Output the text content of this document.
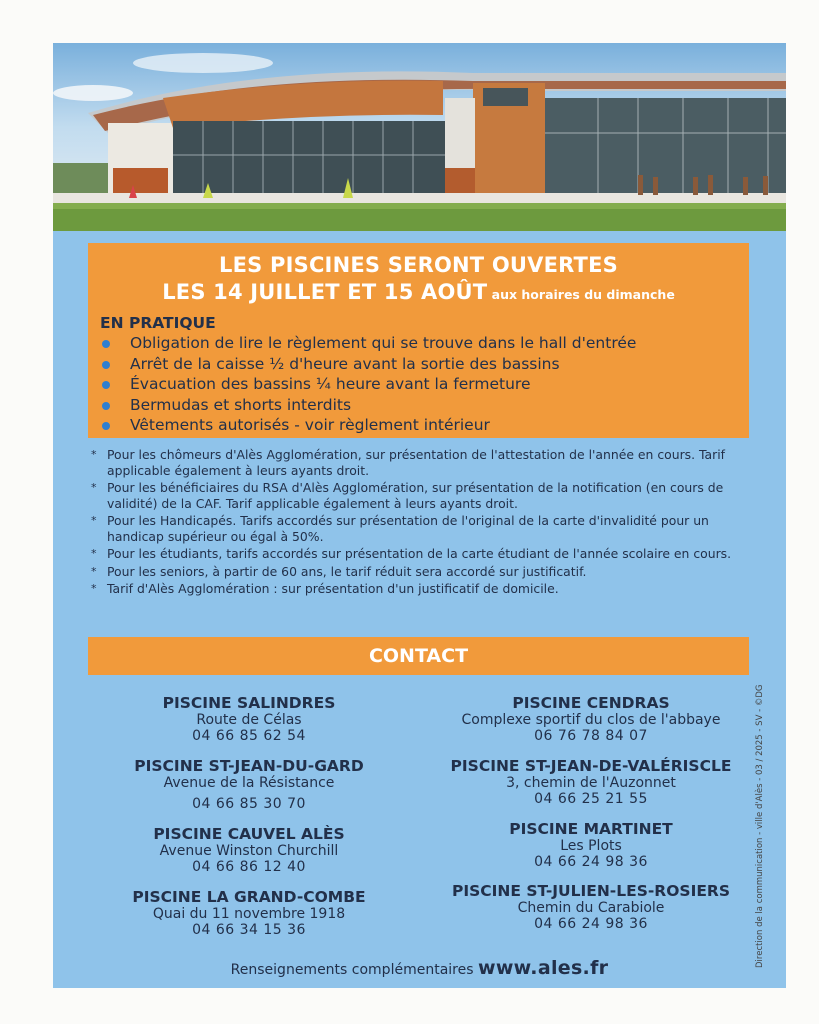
LES PISCINES SERONT OUVERTES
LES 14 JUILLET ET 15 AOÛT aux horaires du dimanche
EN PRATIQUE
Obligation de lire le règlement qui se trouve dans le hall d'entrée
Arrêt de la caisse ½ d'heure avant la sortie des bassins
Évacuation des bassins ¼ heure avant la fermeture
Bermudas et shorts interdits
Vêtements autorisés - voir règlement intérieur
* Pour les chômeurs d'Alès Agglomération, sur présentation de l'attestation de l'année en cours. Tarif applicable également à leurs ayants droit.
* Pour les bénéficiaires du RSA d'Alès Agglomération, sur présentation de la notification (en cours de validité) de la CAF. Tarif applicable également à leurs ayants droit.
* Pour les Handicapés. Tarifs accordés sur présentation de l'original de la carte d'invalidité pour un handicap supérieur ou égal à 50%.
* Pour les étudiants, tarifs accordés sur présentation de la carte étudiant de l'année scolaire en cours.
* Pour les seniors, à partir de 60 ans, le tarif réduit sera accordé sur justificatif.
* Tarif d'Alès Agglomération : sur présentation d'un justificatif de domicile.
CONTACT
PISCINE SALINDRES
Route de Célas
04 66 85 62 54
PISCINE CENDRAS
Complexe sportif du clos de l'abbaye
06 76 78 84 07
PISCINE ST-JEAN-DU-GARD
Avenue de la Résistance
04 66 85 30 70
PISCINE ST-JEAN-DE-VALÉRISCLE
3, chemin de l'Auzonnet
04 66 25 21 55
PISCINE CAUVEL ALÈS
Avenue Winston Churchill
04 66 86 12 40
PISCINE MARTINET
Les Plots
04 66 24 98 36
PISCINE LA GRAND-COMBE
Quai du 11 novembre 1918
04 66 34 15 36
PISCINE ST-JULIEN-LES-ROSIERS
Chemin du Carabiole
04 66 24 98 36
Renseignements complémentaires www.ales.fr	Direction de la communication - ville d'Alès - 03 / 2025 - SV - ©DG
